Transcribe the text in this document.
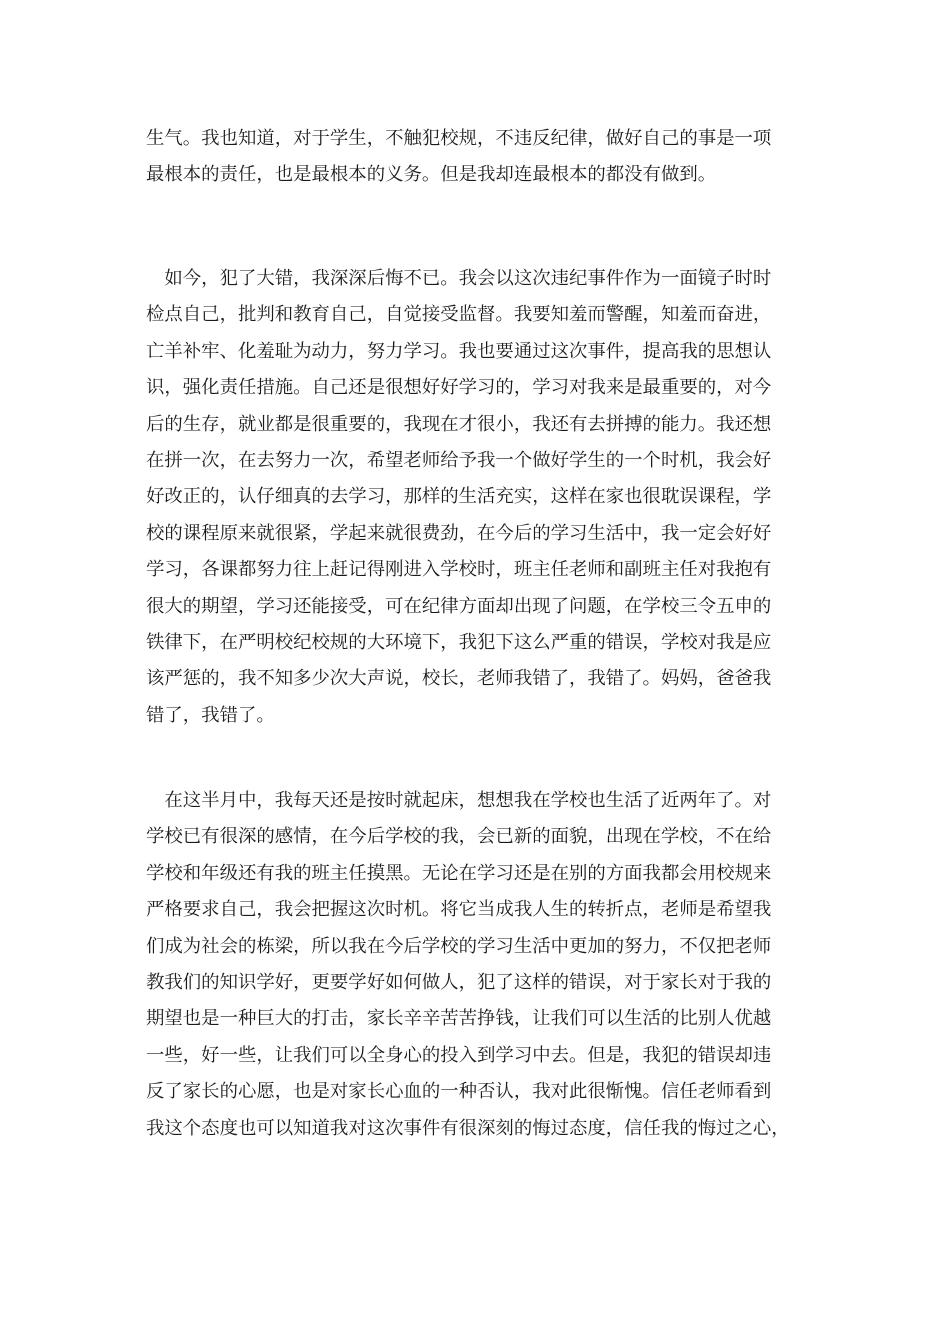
生气。我也知道，对于学生，不触犯校规，不违反纪律，做好自己的事是一项
最根本的责任，也是最根本的义务。但是我却连最根本的都没有做到。
　如今，犯了大错，我深深后悔不已。我会以这次违纪事件作为一面镜子时时
检点自己，批判和教育自己，自觉接受监督。我要知羞而警醒，知羞而奋进，
亡羊补牢、化羞耻为动力，努力学习。我也要通过这次事件，提高我的思想认
识，强化责任措施。自己还是很想好好学习的，学习对我来是最重要的，对今
后的生存，就业都是很重要的，我现在才很小，我还有去拼搏的能力。我还想
在拼一次，在去努力一次，希望老师给予我一个做好学生的一个时机，我会好
好改正的，认仔细真的去学习，那样的生活充实，这样在家也很耽误课程，学
校的课程原来就很紧，学起来就很费劲，在今后的学习生活中，我一定会好好
学习，各课都努力往上赶记得刚进入学校时，班主任老师和副班主任对我抱有
很大的期望，学习还能接受，可在纪律方面却出现了问题，在学校三令五申的
铁律下，在严明校纪校规的大环境下，我犯下这么严重的错误，学校对我是应
该严惩的，我不知多少次大声说，校长，老师我错了，我错了。妈妈，爸爸我
错了，我错了。
　在这半月中，我每天还是按时就起床，想想我在学校也生活了近两年了。对
学校已有很深的感情，在今后学校的我，会已新的面貌，出现在学校，不在给
学校和年级还有我的班主任摸黑。无论在学习还是在别的方面我都会用校规来
严格要求自己，我会把握这次时机。将它当成我人生的转折点，老师是希望我
们成为社会的栋梁，所以我在今后学校的学习生活中更加的努力，不仅把老师
教我们的知识学好，更要学好如何做人，犯了这样的错误，对于家长对于我的
期望也是一种巨大的打击，家长辛辛苦苦挣钱，让我们可以生活的比别人优越
一些，好一些，让我们可以全身心的投入到学习中去。但是，我犯的错误却违
反了家长的心愿，也是对家长心血的一种否认，我对此很惭愧。信任老师看到
我这个态度也可以知道我对这次事件有很深刻的悔过态度，信任我的悔过之心，
